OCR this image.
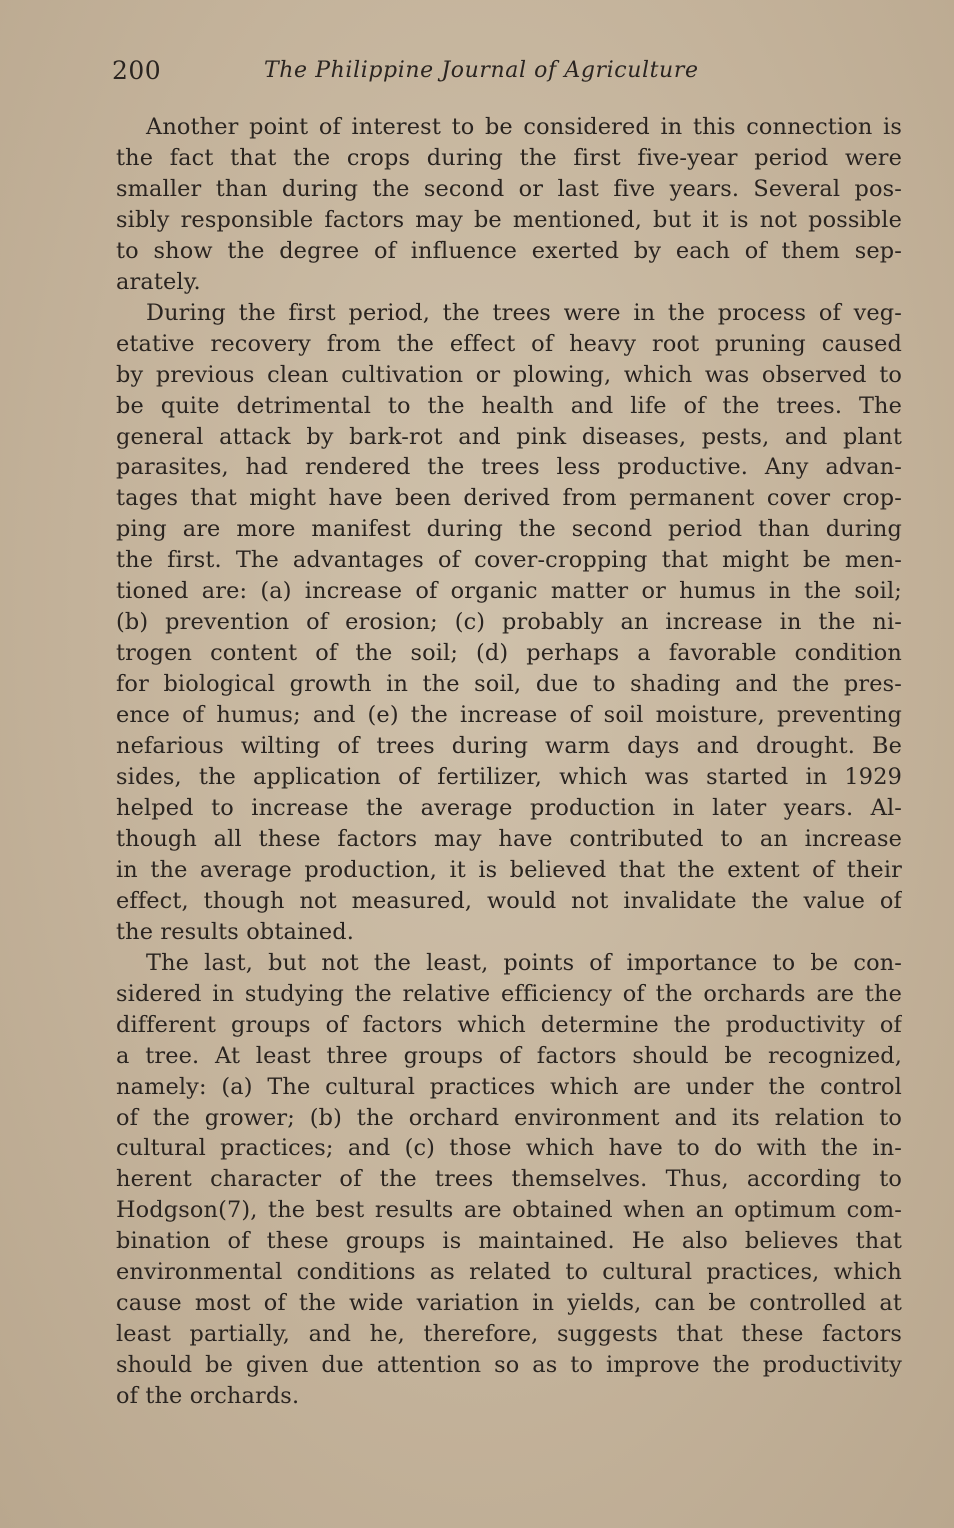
200	The Philippine Journal of Agriculture
Another point of interest to be considered in this connection is
the fact that the crops during the first five-year period were
smaller than during the second or last five years. Several pos-
sibly responsible factors may be mentioned, but it is not possible
to show the degree of influence exerted by each of them sep-
arately.
During the first period, the trees were in the process of veg-
etative recovery from the effect of heavy root pruning caused
by previous clean cultivation or plowing, which was observed to
be quite detrimental to the health and life of the trees. The
general attack by bark-rot and pink diseases, pests, and plant
parasites, had rendered the trees less productive. Any advan-
tages that might have been derived from permanent cover crop-
ping are more manifest during the second period than during
the first. The advantages of cover-cropping that might be men-
tioned are: (a) increase of organic matter or humus in the soil;
(b) prevention of erosion; (c) probably an increase in the ni-
trogen content of the soil; (d) perhaps a favorable condition
for biological growth in the soil, due to shading and the pres-
ence of humus; and (e) the increase of soil moisture, preventing
nefarious wilting of trees during warm days and drought. Be
sides, the application of fertilizer, which was started in 1929
helped to increase the average production in later years. Al-
though all these factors may have contributed to an increase
in the average production, it is believed that the extent of their
effect, though not measured, would not invalidate the value of
the results obtained.
The last, but not the least, points of importance to be con-
sidered in studying the relative efficiency of the orchards are the
different groups of factors which determine the productivity of
a tree. At least three groups of factors should be recognized,
namely: (a) The cultural practices which are under the control
of the grower; (b) the orchard environment and its relation to
cultural practices; and (c) those which have to do with the in-
herent character of the trees themselves. Thus, according to
Hodgson(7), the best results are obtained when an optimum com-
bination of these groups is maintained. He also believes that
environmental conditions as related to cultural practices, which
cause most of the wide variation in yields, can be controlled at
least partially, and he, therefore, suggests that these factors
should be given due attention so as to improve the productivity
of the orchards.
